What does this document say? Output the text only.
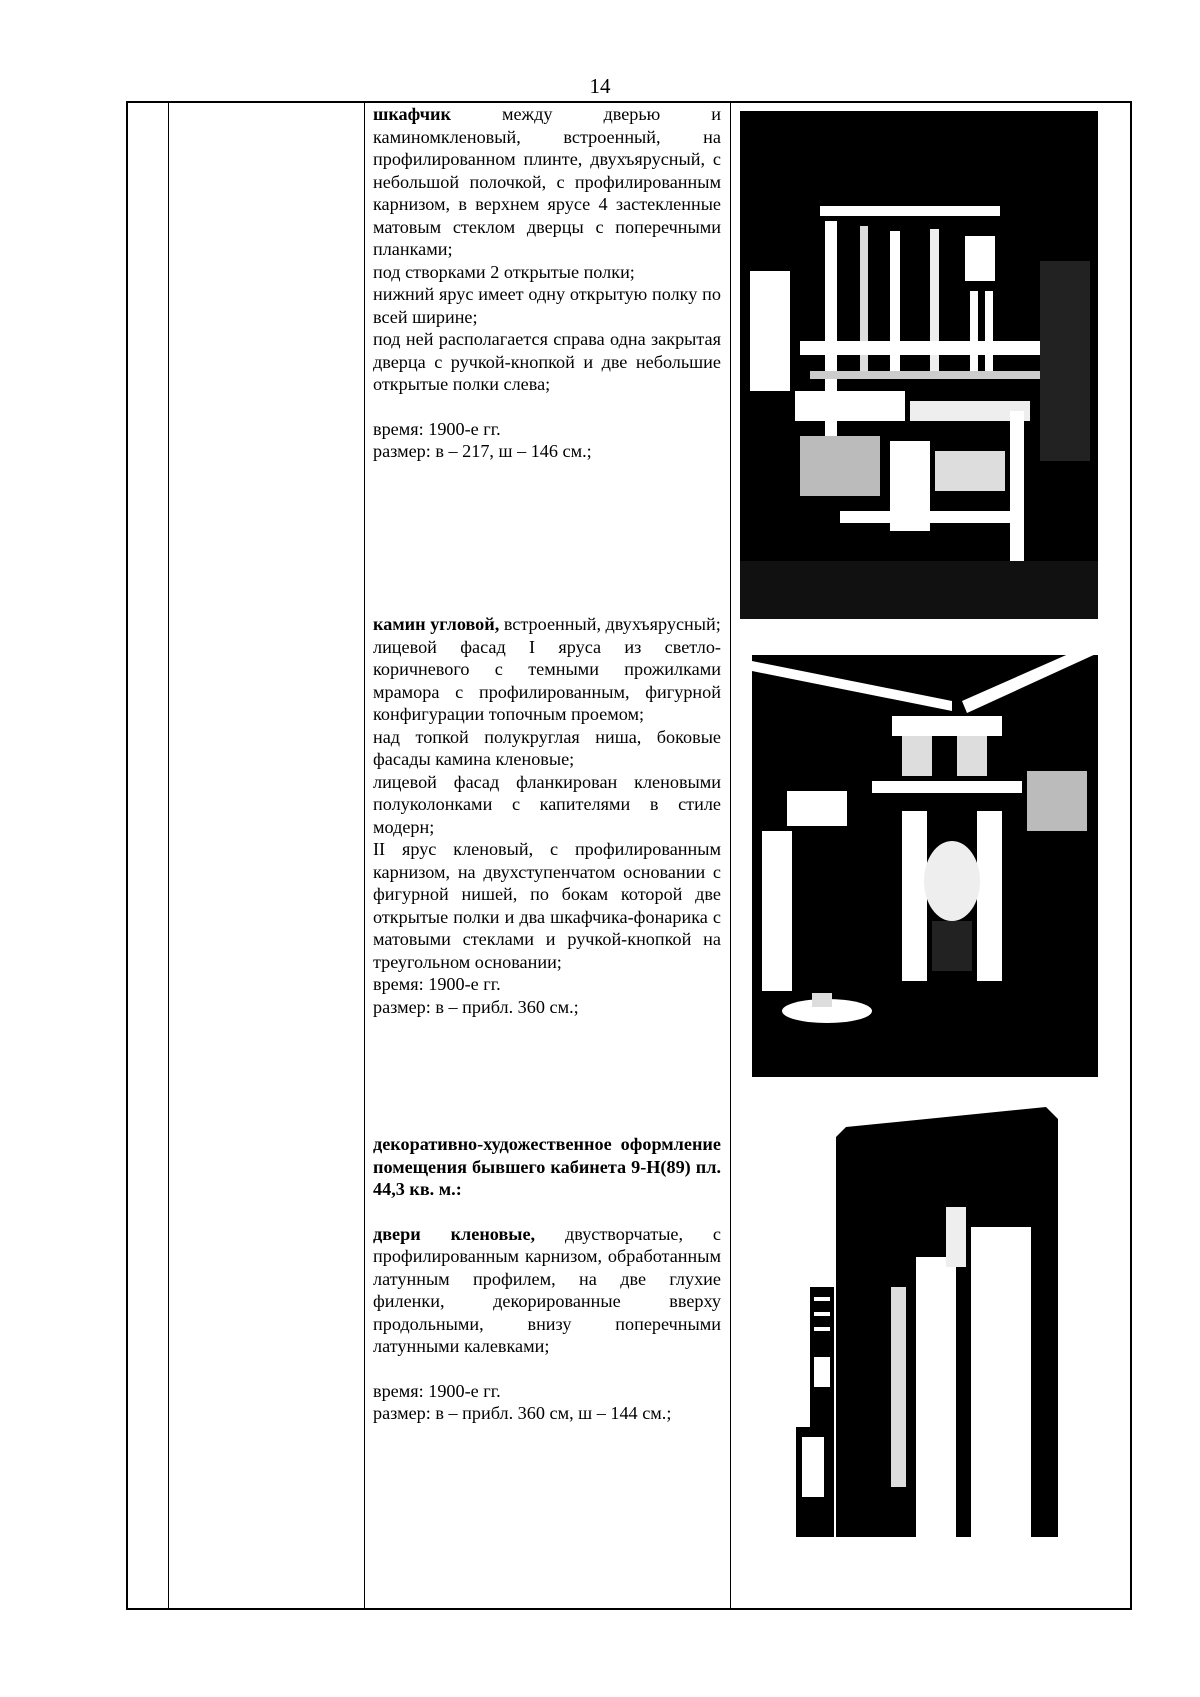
14

шкафчик между дверью и каминомкленовый, встроенный, на профилированном плинте, двухъярусный, с небольшой полочкой, с профилированным карнизом, в верхнем ярусе 4 застекленные матовым стеклом дверцы с поперечными планками;

под створками 2 открытые полки;

нижний ярус имеет одну открытую полку по всей ширине;

под ней располагается справа одна закрытая дверца с ручкой-кнопкой и две небольшие открытые полки слева;

время: 1900-е гг.

размер: в – 217, ш – 146 см.;

камин угловой, встроенный, двухъярусный;

лицевой фасад I яруса из светло-коричневого с темными прожилками мрамора с профилированным, фигурной конфигурации топочным проемом;

над топкой полукруглая ниша, боковые фасады камина кленовые;

лицевой фасад фланкирован кленовыми полуколонками с капителями в стиле модерн;

II ярус кленовый, с профилированным карнизом, на двухступенчатом основании с фигурной нишей, по бокам которой две открытые полки и два шкафчика-фонарика с матовыми стеклами и ручкой-кнопкой на треугольном основании;

время: 1900-е гг.

размер: в – прибл. 360 см.;

декоративно-художественное оформление помещения бывшего кабинета 9-Н(89) пл. 44,3 кв. м.:

двери кленовые, двустворчатые, с профилированным карнизом, обработанным латунным профилем, на две глухие филенки, декорированные вверху продольными, внизу поперечными латунными калевками;

время: 1900-е гг.

размер: в – прибл. 360 см, ш – 144 см.;
